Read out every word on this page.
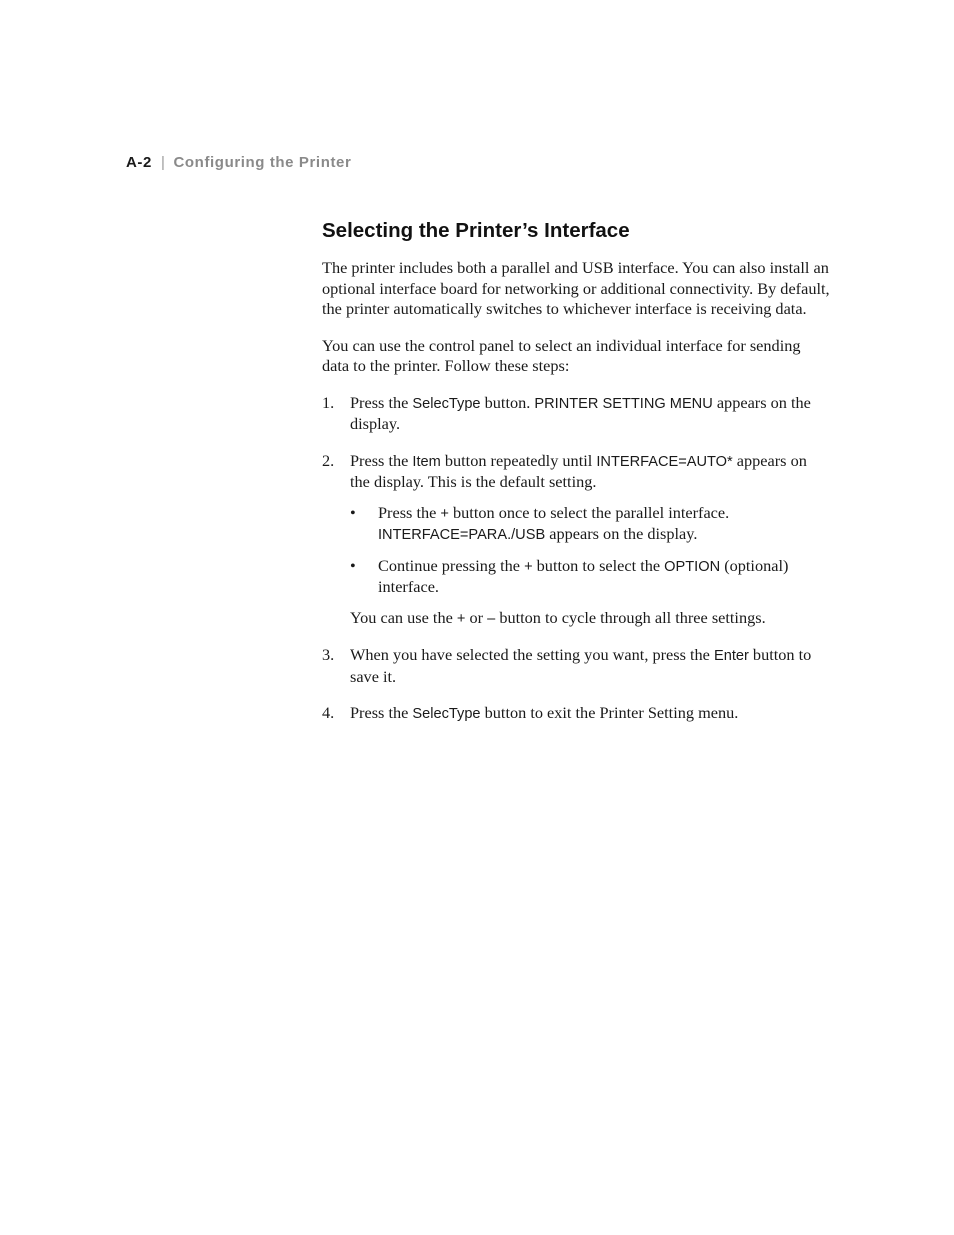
A-2 | Configuring the Printer
Selecting the Printer’s Interface

The printer includes both a parallel and USB interface. You can also install an optional interface board for networking or additional connectivity. By default, the printer automatically switches to whichever interface is receiving data.

You can use the control panel to select an individual interface for sending data to the printer. Follow these steps:

1. Press the SelecType button. PRINTER SETTING MENU appears on the display.
2. Press the Item button repeatedly until INTERFACE=AUTO* appears on the display. This is the default setting.
• Press the + button once to select the parallel interface. INTERFACE=PARA./USB appears on the display.
• Continue pressing the + button to select the OPTION (optional) interface.

You can use the + or – button to cycle through all three settings.

3. When you have selected the setting you want, press the Enter button to save it.
4. Press the SelecType button to exit the Printer Setting menu.
